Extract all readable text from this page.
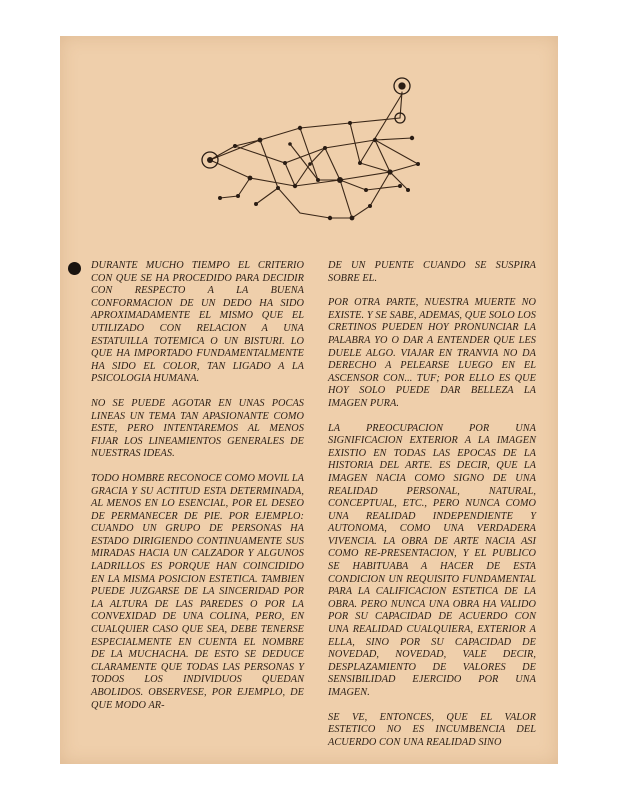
DURANTE MUCHO TIEMPO EL CRITERIO CON QUE SE HA PROCEDIDO PARA DECIDIR CON RESPECTO A LA BUENA CONFORMACION DE UN DEDO HA SIDO APROXIMADAMENTE EL MISMO QUE EL UTILIZADO CON RELACION A UNA ESTATUILLA TOTEMICA O UN BISTURI. LO QUE HA IMPORTADO FUNDAMENTALMENTE HA SIDO EL COLOR, TAN LIGADO A LA PSICOLOGIA HUMANA.

NO SE PUEDE AGOTAR EN UNAS POCAS LINEAS UN TEMA TAN APASIONANTE COMO ESTE, PERO INTENTAREMOS AL MENOS FIJAR LOS LINEAMIENTOS GENERALES DE NUESTRAS IDEAS.

TODO HOMBRE RECONOCE COMO MOVIL LA GRACIA Y SU ACTITUD ESTA DETERMINADA, AL MENOS EN LO ESENCIAL, POR EL DESEO DE PERMANECER DE PIE. POR EJEMPLO: CUANDO UN GRUPO DE PERSONAS HA ESTADO DIRIGIENDO CONTINUAMENTE SUS MIRADAS HACIA UN CALZADOR Y ALGUNOS LADRILLOS ES PORQUE HAN COINCIDIDO EN LA MISMA POSICION ESTETICA. TAMBIEN PUEDE JUZGARSE DE LA SINCERIDAD POR LA ALTURA DE LAS PAREDES O POR LA CONVEXIDAD DE UNA COLINA, PERO, EN CUALQUIER CASO QUE SEA, DEBE TENERSE ESPECIALMENTE EN CUENTA EL NOMBRE DE LA MUCHACHA. DE ESTO SE DEDUCE CLARAMENTE QUE TODAS LAS PERSONAS Y TODOS LOS INDIVIDUOS QUEDAN ABOLIDOS. OBSERVESE, POR EJEMPLO, DE QUE MODO AR-

DE UN PUENTE CUANDO SE SUSPIRA SOBRE EL.

POR OTRA PARTE, NUESTRA MUERTE NO EXISTE. Y SE SABE, ADEMAS, QUE SOLO LOS CRETINOS PUEDEN HOY PRONUNCIAR LA PALABRA YO O DAR A ENTENDER QUE LES DUELE ALGO. VIAJAR EN TRANVIA NO DA DERECHO A PELEARSE LUEGO EN EL ASCENSOR CON... TUF; POR ELLO ES QUE HOY SOLO PUEDE DAR BELLEZA LA IMAGEN PURA.

LA PREOCUPACION POR UNA SIGNIFICACION EXTERIOR A LA IMAGEN EXISTIO EN TODAS LAS EPOCAS DE LA HISTORIA DEL ARTE. ES DECIR, QUE LA IMAGEN NACIA COMO SIGNO DE UNA REALIDAD PERSONAL, NATURAL, CONCEPTUAL, ETC., PERO NUNCA COMO UNA REALIDAD INDEPENDIENTE Y AUTONOMA, COMO UNA VERDADERA VIVENCIA. LA OBRA DE ARTE NACIA ASI COMO RE-PRESENTACION, Y EL PUBLICO SE HABITUABA A HACER DE ESTA CONDICION UN REQUISITO FUNDAMENTAL PARA LA CALIFICACION ESTETICA DE LA OBRA. PERO NUNCA UNA OBRA HA VALIDO POR SU CAPACIDAD DE ACUERDO CON UNA REALIDAD CUALQUIERA, EXTERIOR A ELLA, SINO POR SU CAPACIDAD DE NOVEDAD, NOVEDAD, VALE DECIR, DESPLAZAMIENTO DE VALORES DE SENSIBILIDAD EJERCIDO POR UNA IMAGEN.

SE VE, ENTONCES, QUE EL VALOR ESTETICO NO ES INCUMBENCIA DEL ACUERDO CON UNA REALIDAD SINO
